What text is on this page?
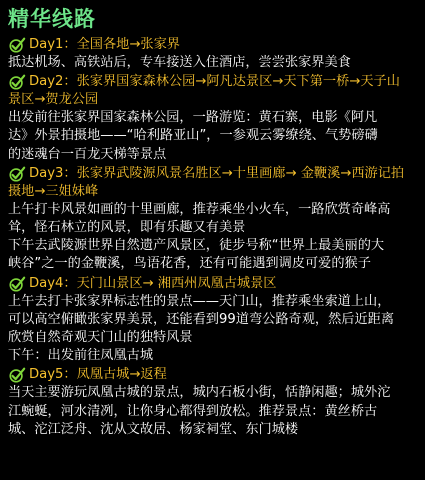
精华线路
Day1：全国各地→张家界

抵达机场、高铁站后，专车接送入住酒店，尝尝张家界美食

Day2：张家界国家森林公园→阿凡达景区→天下第一桥→天子山
景区→贺龙公园

出发前往张家界国家森林公园，一路游览：黄石寨，电影《阿凡

达》外景拍摄地——“哈利路亚山”，一参观云雾缭绕、气势磅礴

的迷魂台一百龙天梯等景点

Day3：张家界武陵源风景名胜区→十里画廊→ 金鞭溪→西游记拍
摄地→三姐妹峰

上午打卡风景如画的十里画廊，推荐乘坐小火车，一路欣赏奇峰高

耸，怪石林立的风景，即有乐趣又有美景

下午去武陵源世界自然遗产风景区，徒步号称“世界上最美丽的大

峡谷”之一的金鞭溪，鸟语花香，还有可能遇到调皮可爱的猴子

Day4：天门山景区→ 湘西州凤凰古城景区

上午去打卡张家界标志性的景点——天门山，推荐乘坐索道上山，

可以高空俯瞰张家界美景，还能看到99道弯公路奇观，然后近距离

欣赏自然奇观天门山的独特风景

下午：出发前往凤凰古城

Day5：凤凰古城→返程

当天主要游玩凤凰古城的景点，城内石板小街，恬静闲趣；城外沱

江蜿蜒，河水清冽，让你身心都得到放松。推荐景点：黄丝桥古

城、沱江泛舟、沈从文故居、杨家祠堂、东门城楼
